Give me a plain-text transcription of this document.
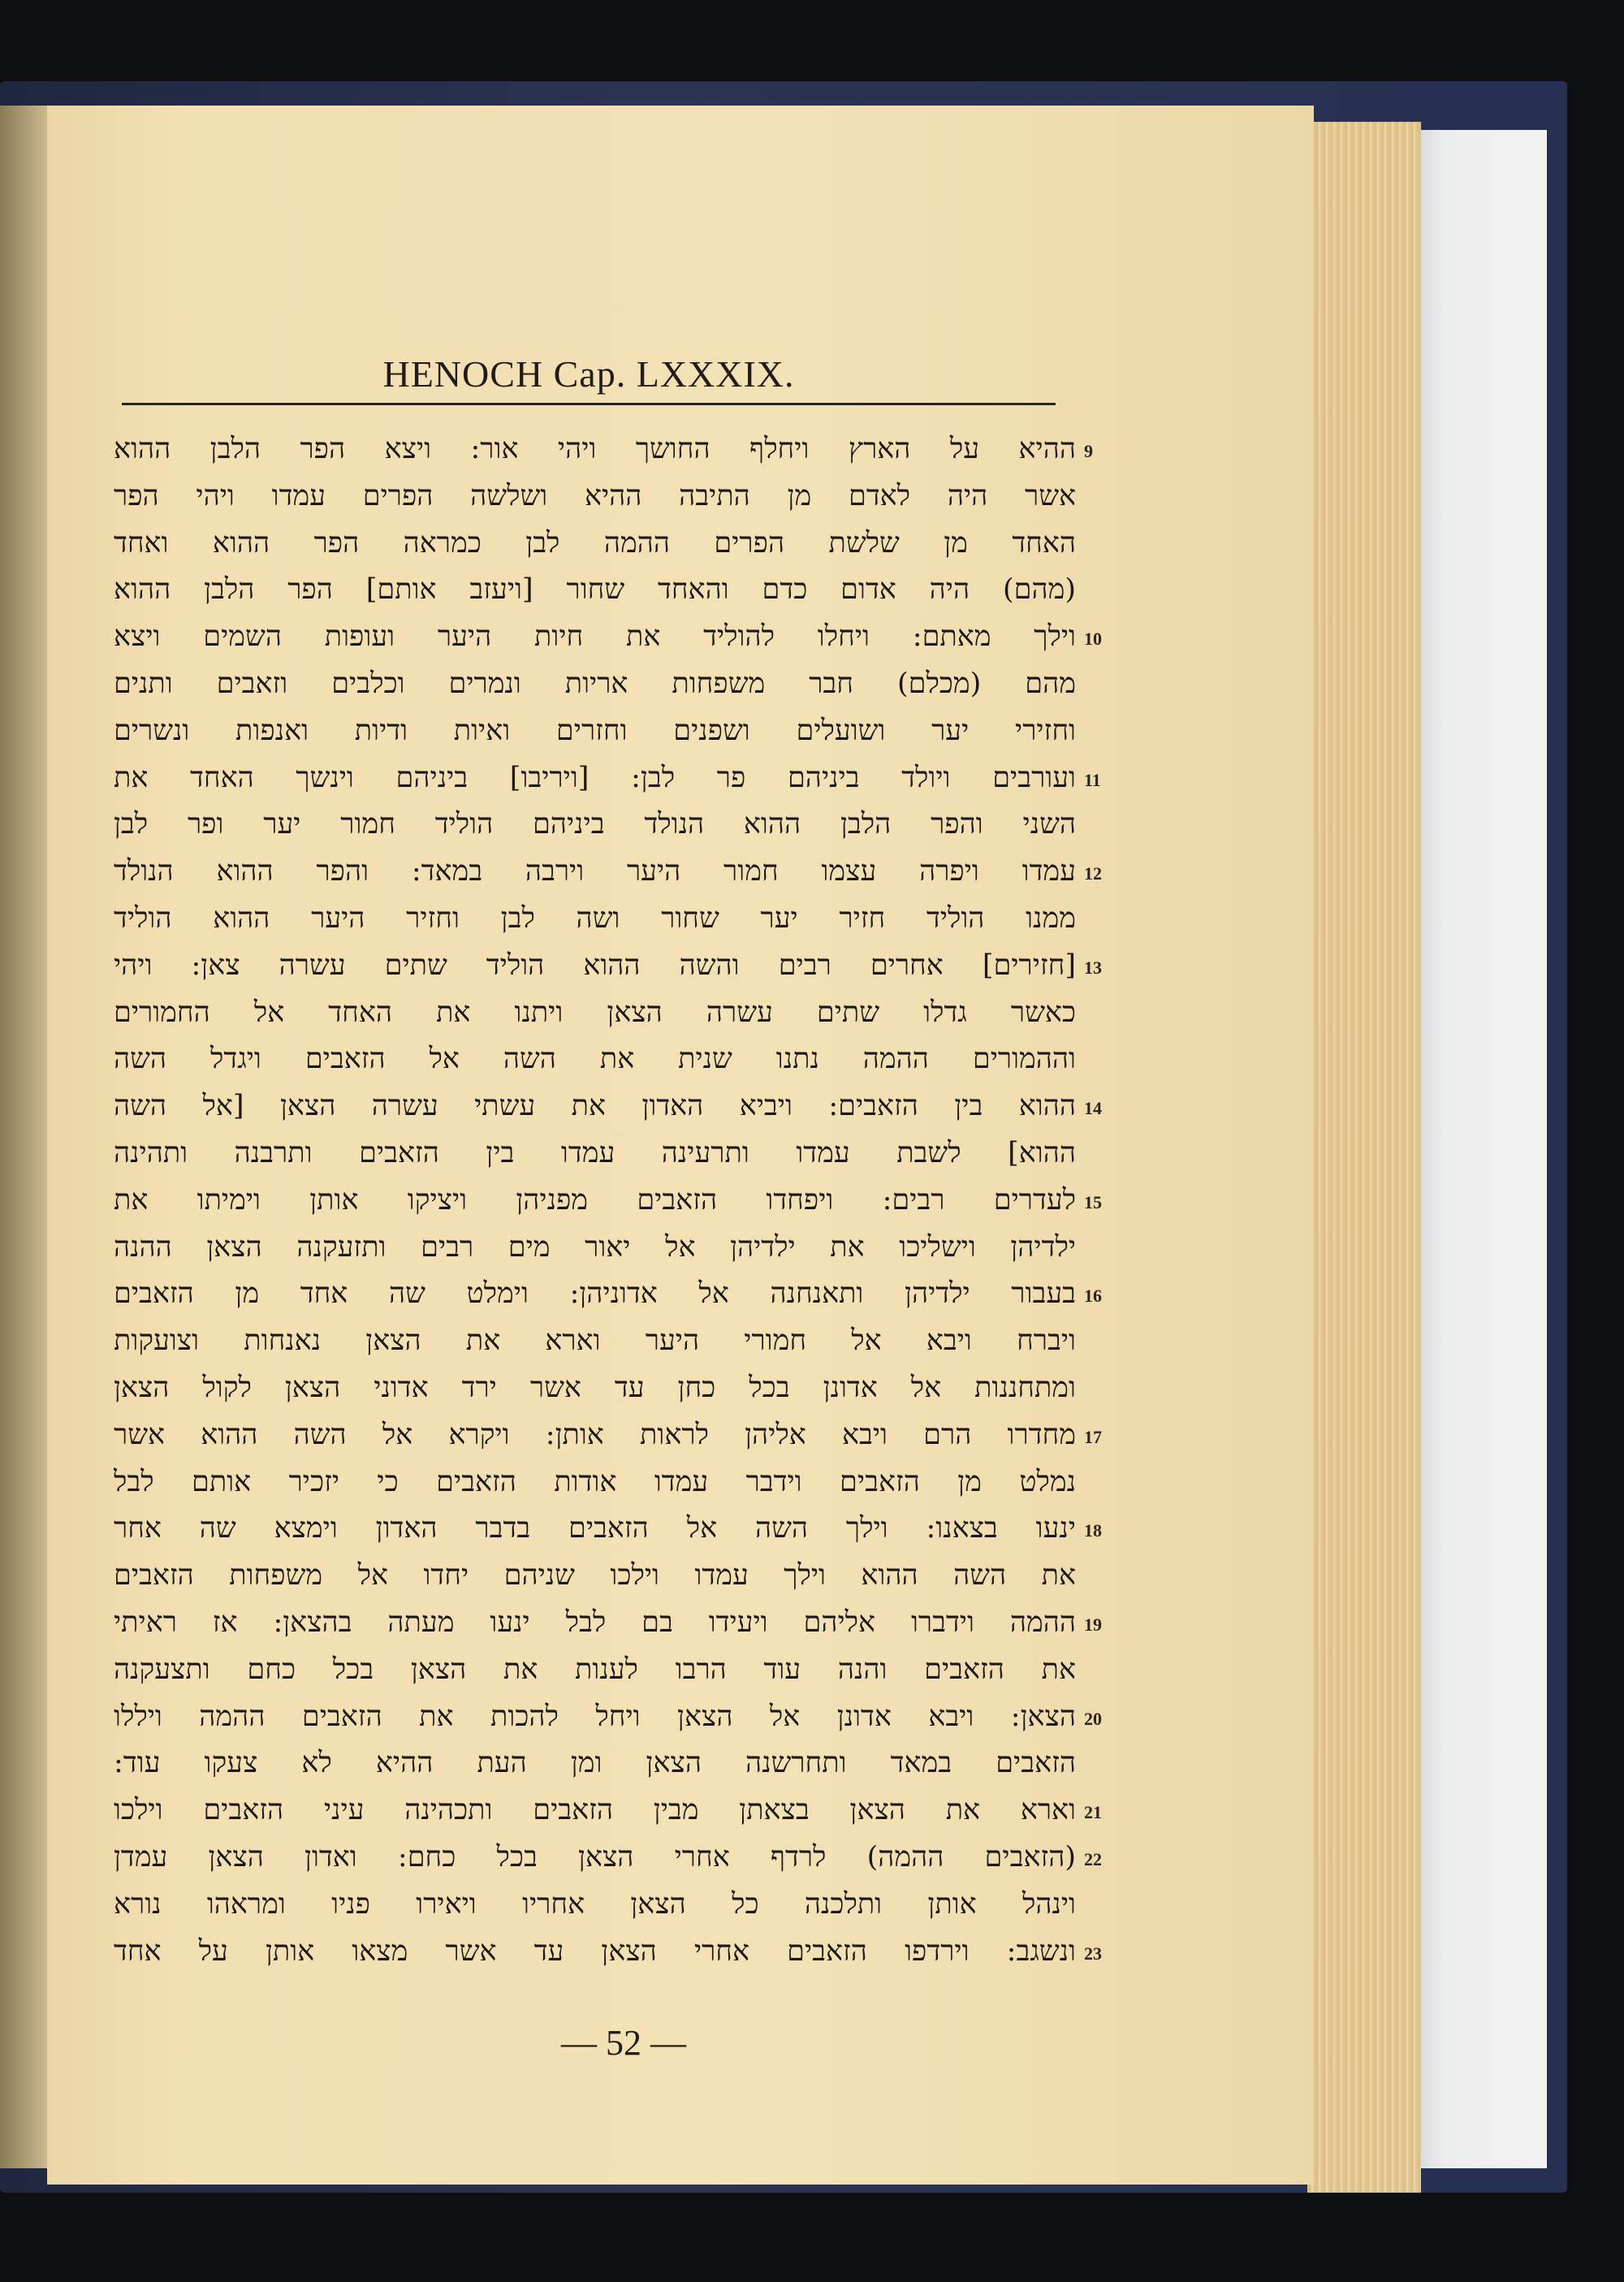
HENOCH Cap. LXXXIX.
ההיא על הארץ ויחלף החושך ויהי אור: ויצא הפר הלבן ההוא 9
אשר היה לאדם מן התיבה ההיא ושלשה הפרים עמדו ויהי הפר
האחד מן שלשת הפרים ההמה לבן כמראה הפר ההוא ואחד
(מהם) היה אדום כדם והאחד שחור [ויעזב אותם] הפר הלבן ההוא
וילך מאתם: ויחלו להוליד את חיות היער ועופות השמים ויצא 10
מהם (מכלם) חבר משפחות אריות ונמרים וכלבים וזאבים ותנים
וחזירי יער ושועלים ושפנים וחזרים ואיות ודיות ואנפות ונשרים
ועורבים ויולד ביניהם פר לבן: [ויריבו] ביניהם וינשך האחד את 11
השני והפר הלבן ההוא הנולד ביניהם הוליד חמור יער ופר לבן
עמדו ויפרה עצמו חמור היער וירבה במאד: והפר ההוא הנולד 12
ממנו הוליד חזיר יער שחור ושה לבן וחזיר היער ההוא הוליד
[חזירים] אחרים רבים והשה ההוא הוליד שתים עשרה צאן: ויהי 13
כאשר גדלו שתים עשרה הצאן ויתנו את האחד אל החמורים
וההמורים ההמה נתנו שנית את השה אל הזאבים ויגדל השה
ההוא בין הזאבים: ויביא האדון את עשתי עשרה הצאן [אל השה 14
ההוא] לשבת עמדו ותרעינה עמדו בין הזאבים ותרבנה ותהינה
לעדרים רבים: ויפחדו הזאבים מפניהן ויציקו אותן וימיתו את 15
ילדיהן וישליכו את ילדיהן אל יאור מים רבים ותזעקנה הצאן ההנה
בעבור ילדיהן ותאנחנה אל אדוניהן: וימלט שה אחד מן הזאבים 16
ויברח ויבא אל חמורי היער וארא את הצאן נאנחות וצועקות
ומתחננות אל אדונן בכל כחן עד אשר ירד אדוני הצאן לקול הצאן
מחדרו הרם ויבא אליהן לראות אותן: ויקרא אל השה ההוא אשר 17
נמלט מן הזאבים וידבר עמדו אודות הזאבים כי יזכיר אותם לבל
ינעו בצאנו: וילך השה אל הזאבים בדבר האדון וימצא שה אחר 18
את השה ההוא וילך עמדו וילכו שניהם יחדו אל משפחות הזאבים
ההמה וידברו אליהם ויעידו בם לבל ינעו מעתה בהצאן: אז ראיתי 19
את הזאבים והנה עוד הרבו לענות את הצאן בכל כחם ותצעקנה
הצאן: ויבא אדונן אל הצאן ויחל להכות את הזאבים ההמה ויללו 20
הזאבים במאד ותחרשנה הצאן ומן העת ההיא לא צעקו עוד:
וארא את הצאן בצאתן מבין הזאבים ותכהינה עיני הזאבים וילכו 21
(הזאבים ההמה) לרדף אחרי הצאן בכל כחם: ואדון הצאן עמדן 22
וינהל אותן ותלכנה כל הצאן אחריו ויאירו פניו ומראהו נורא
ונשגב: וירדפו הזאבים אחרי הצאן עד אשר מצאו אותן על אחד 23
— 52 —
